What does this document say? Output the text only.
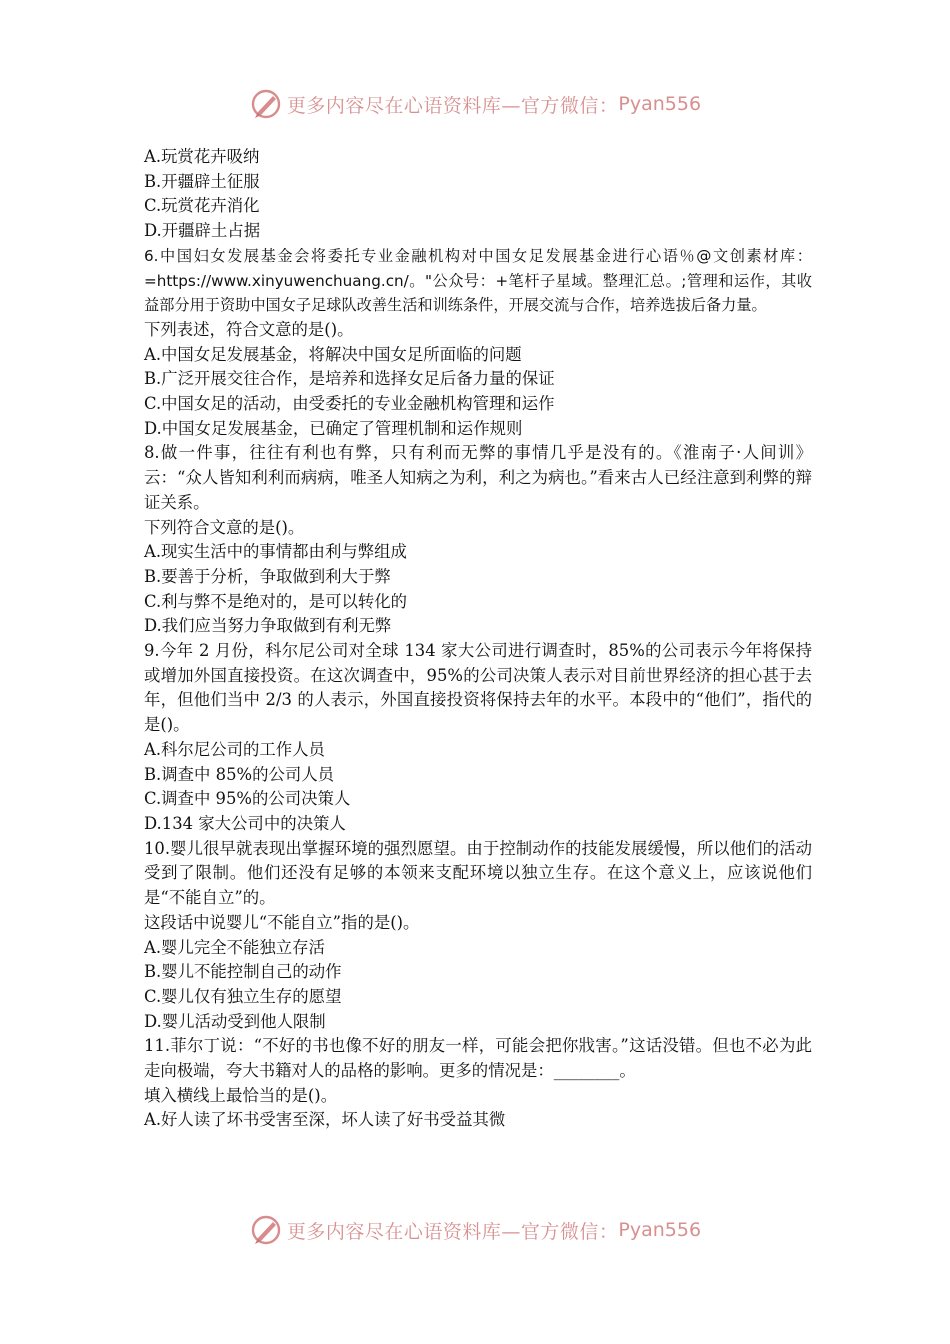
更多内容尽在心语资料库—官方微信： Pyan556
A.玩赏花卉吸纳
B.开疆辟土征服
C.玩赏花卉消化
D.开疆辟土占据
6.中国妇女发展基金会将委托专业金融机构对中国女足发展基金进行心语％@文创素材库：=https://www.xinyuwenchuang.cn/。"公众号：+笔杆子星域。整理汇总。;管理和运作，其收益部分用于资助中国女子足球队改善生活和训练条件，开展交流与合作，培养选拔后备力量。
下列表述，符合文意的是()。
A.中国女足发展基金，将解决中国女足所面临的问题
B.广泛开展交往合作，是培养和选择女足后备力量的保证
C.中国女足的活动，由受委托的专业金融机构管理和运作
D.中国女足发展基金，已确定了管理机制和运作规则
8.做一件事，往往有利也有弊，只有利而无弊的事情几乎是没有的。《淮南子·人间训》云：“众人皆知利利而病病，唯圣人知病之为利，利之为病也。”看来古人已经注意到利弊的辩证关系。
下列符合文意的是()。
A.现实生活中的事情都由利与弊组成
B.要善于分析，争取做到利大于弊
C.利与弊不是绝对的，是可以转化的
D.我们应当努力争取做到有利无弊
9.今年 2 月份，科尔尼公司对全球 134 家大公司进行调查时，85%的公司表示今年将保持或增加外国直接投资。在这次调查中，95%的公司决策人表示对目前世界经济的担心甚于去年，但他们当中 2/3 的人表示，外国直接投资将保持去年的水平。本段中的“他们”，指代的是()。
A.科尔尼公司的工作人员
B.调查中 85%的公司人员
C.调查中 95%的公司决策人
D.134 家大公司中的决策人
10.婴儿很早就表现出掌握环境的强烈愿望。由于控制动作的技能发展缓慢，所以他们的活动受到了限制。他们还没有足够的本领来支配环境以独立生存。在这个意义上，应该说他们是“不能自立”的。
这段话中说婴儿“不能自立”指的是()。
A.婴儿完全不能独立存活
B.婴儿不能控制自己的动作
C.婴儿仅有独立生存的愿望
D.婴儿活动受到他人限制
11.菲尔丁说：“不好的书也像不好的朋友一样，可能会把你戕害。”这话没错。但也不必为此走向极端，夸大书籍对人的品格的影响。更多的情况是：________。
填入横线上最恰当的是()。
A.好人读了坏书受害至深，坏人读了好书受益其微
更多内容尽在心语资料库—官方微信： Pyan556
